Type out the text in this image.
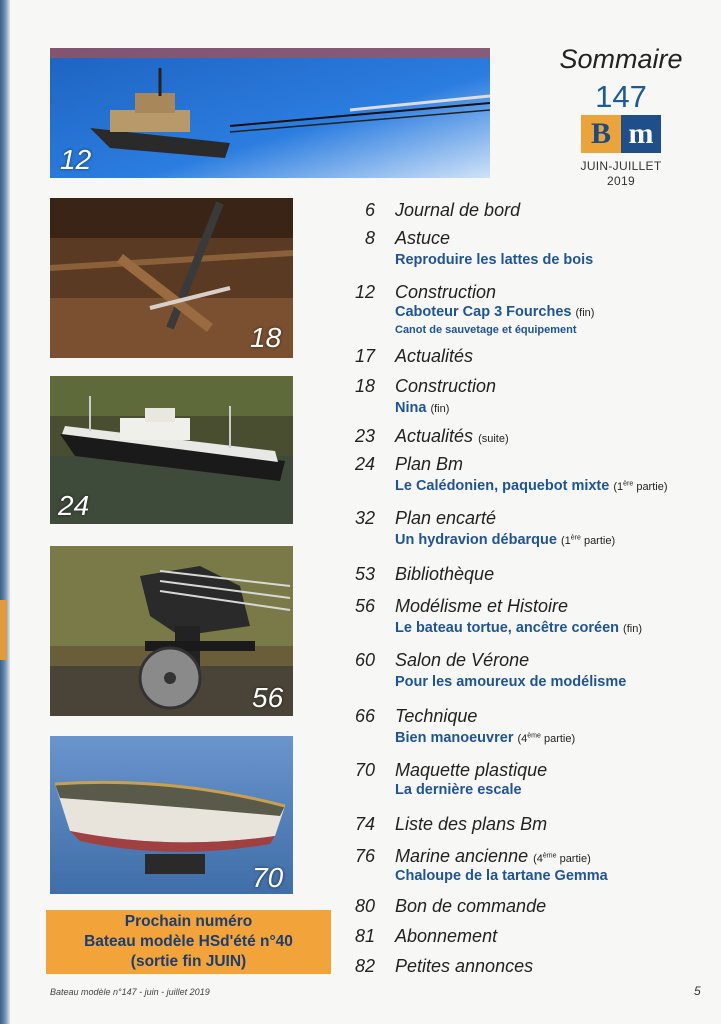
12
18
24
56
70
Sommaire
147
B m
JUIN-JUILLET
2019
6 Journal de bord
8 Astuce
Reproduire les lattes de bois
12 Construction
Caboteur Cap 3 Fourches (fin)
Canot de sauvetage et équipement
17 Actualités
18 Construction
Nina (fin)
23 Actualités (suite)
24 Plan Bm
Le Calédonien, paquebot mixte (1ère partie)
32 Plan encarté
Un hydravion débarque (1ère partie)
53 Bibliothèque
56 Modélisme et Histoire
Le bateau tortue, ancêtre coréen (fin)
60 Salon de Vérone
Pour les amoureux de modélisme
66 Technique
Bien manoeuvrer (4ème partie)
70 Maquette plastique
La dernière escale
74 Liste des plans Bm
76 Marine ancienne (4ème partie)
Chaloupe de la tartane Gemma
80 Bon de commande
81 Abonnement
82 Petites annonces
Prochain numéro
Bateau modèle HSd'été n°40
(sortie fin JUIN)
Bateau modèle n°147 - juin - juillet 2019	5
